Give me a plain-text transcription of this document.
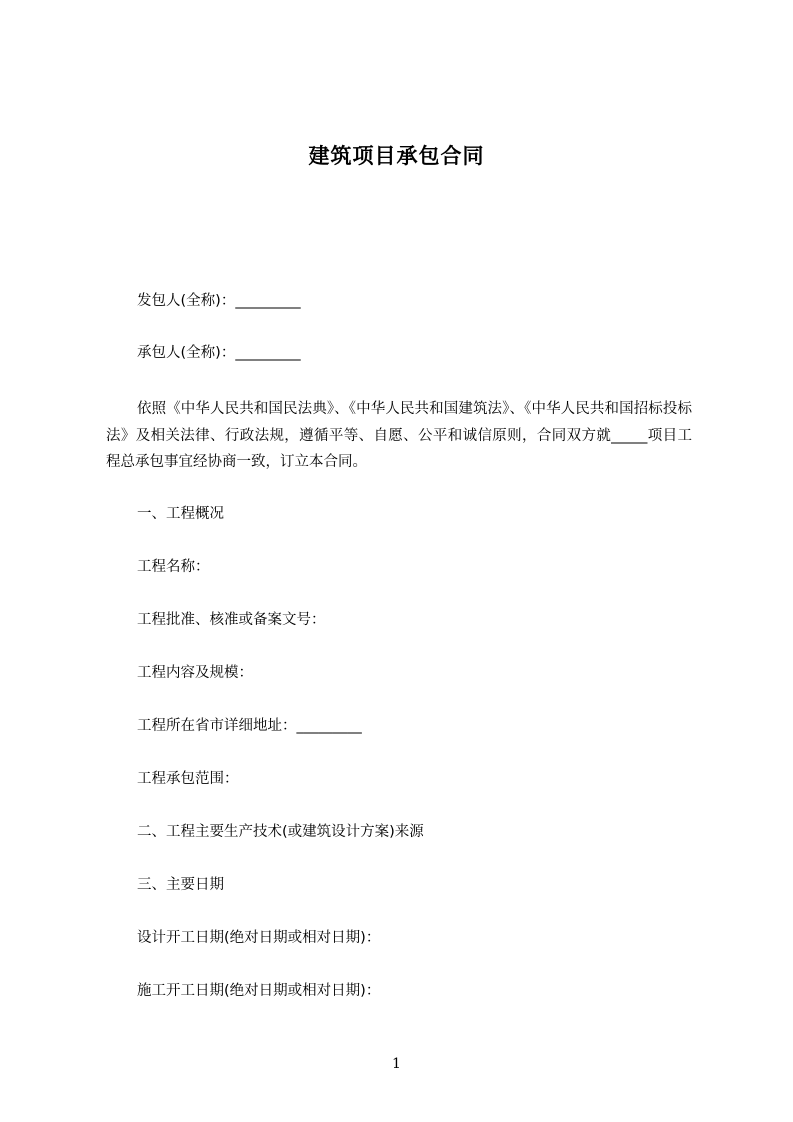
建筑项目承包合同
发包人(全称)：_________
承包人(全称)：_________
依照《中华人民共和国民法典》、《中华人民共和国建筑法》、《中华人民共和国招标投标法》及相关法律、行政法规，遵循平等、自愿、公平和诚信原则，合同双方就_____项目工程总承包事宜经协商一致，订立本合同。
一、工程概况
工程名称：
工程批准、核准或备案文号：
工程内容及规模：
工程所在省市详细地址：_________
工程承包范围：
二、工程主要生产技术(或建筑设计方案)来源
三、主要日期
设计开工日期(绝对日期或相对日期)：
施工开工日期(绝对日期或相对日期)：
1
